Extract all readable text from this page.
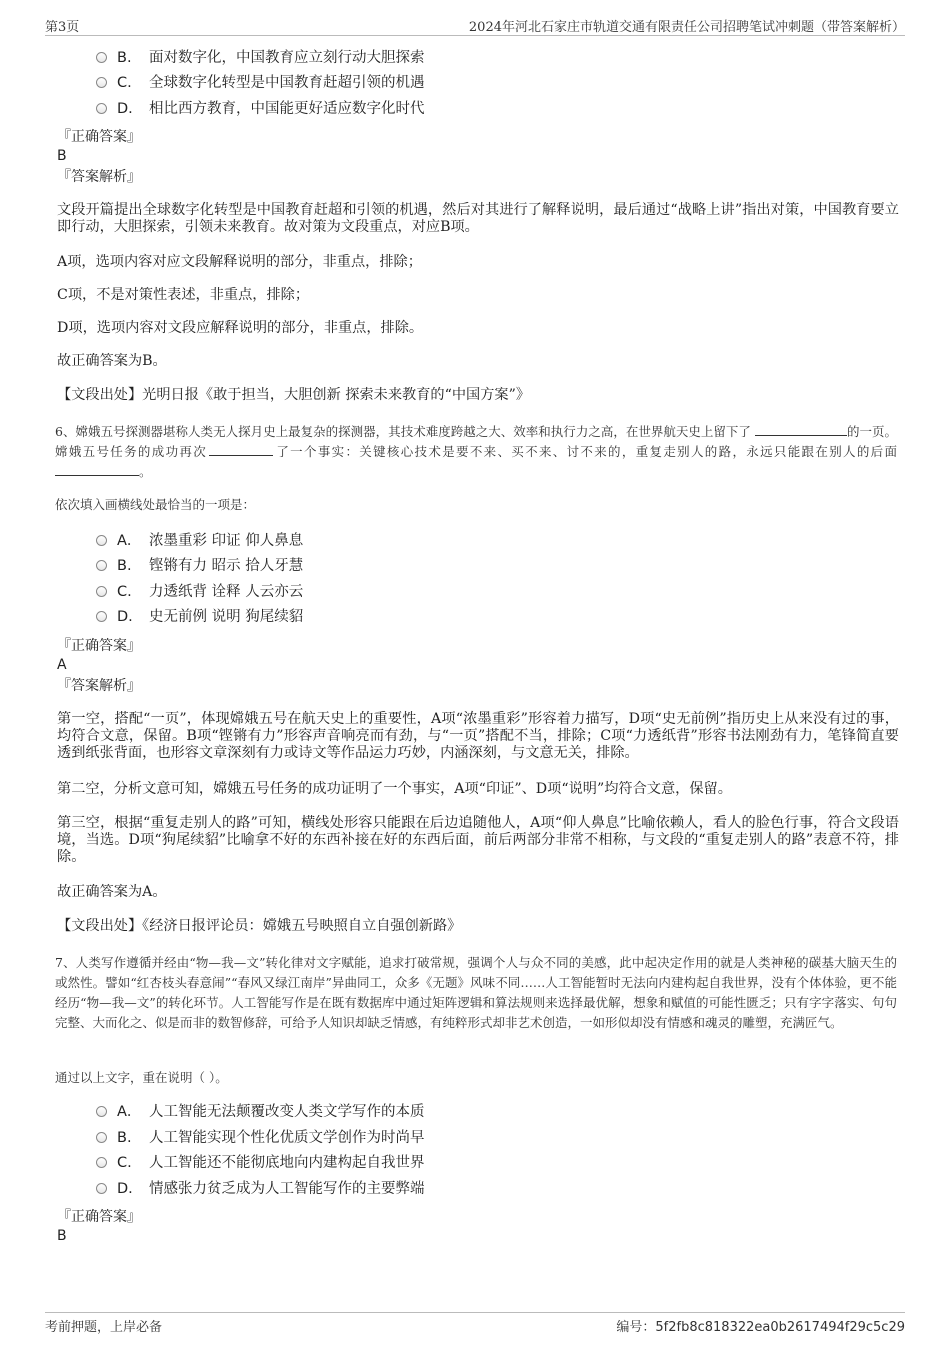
第3页	2024年河北石家庄市轨道交通有限责任公司招聘笔试冲刺题（带答案解析）
B. 面对数字化，中国教育应立刻行动大胆探索
C. 全球数字化转型是中国教育赶超引领的机遇
D. 相比西方教育，中国能更好适应数字化时代
『正确答案』
B
『答案解析』
文段开篇提出全球数字化转型是中国教育赶超和引领的机遇，然后对其进行了解释说明，最后通过“战略上讲”指出对策，中国教育要立即行动，大胆探索，引领未来教育。故对策为文段重点，对应B项。
A项，选项内容对应文段解释说明的部分，非重点，排除；
C项，不是对策性表述，非重点，排除；
D项，选项内容对文段应解释说明的部分，非重点，排除。
故正确答案为B。
【文段出处】光明日报《敢于担当，大胆创新 探索未来教育的“中国方案”》
6、嫦娥五号探测器堪称人类无人探月史上最复杂的探测器，其技术难度跨越之大、效率和执行力之高，在世界航天史上留下了	的一页。嫦娥五号任务的成功再次	了一个事实：关键核心技术是要不来、买不来、讨不来的，重复走别人的路，永远只能跟在别人的后面。
依次填入画横线处最恰当的一项是：
A． 浓墨重彩 印证 仰人鼻息
B. 铿锵有力 昭示 拾人牙慧
C. 力透纸背 诠释 人云亦云
D. 史无前例 说明 狗尾续貂
『正确答案』
A
『答案解析』
第一空，搭配“一页”，体现嫦娥五号在航天史上的重要性，A项“浓墨重彩”形容着力描写，D项“史无前例”指历史上从来没有过的事，均符合文意，保留。B项“铿锵有力”形容声音响亮而有劲，与“一页”搭配不当，排除；C项“力透纸背”形容书法刚劲有力，笔锋简直要透到纸张背面，也形容文章深刻有力或诗文等作品运力巧妙，内涵深刻，与文意无关，排除。
第二空，分析文意可知，嫦娥五号任务的成功证明了一个事实，A项“印证”、D项“说明”均符合文意，保留。
第三空，根据“重复走别人的路”可知，横线处形容只能跟在后边追随他人，A项“仰人鼻息”比喻依赖人，看人的脸色行事，符合文段语境，当选。D项“狗尾续貂”比喻拿不好的东西补接在好的东西后面，前后两部分非常不相称，与文段的“重复走别人的路”表意不符，排除。
故正确答案为A。
【文段出处】《经济日报评论员：嫦娥五号映照自立自强创新路》
7、人类写作遵循并经由“物—我—文”转化律对文字赋能，追求打破常规，强调个人与众不同的美感，此中起决定作用的就是人类神秘的碳基大脑天生的或然性。譬如“红杏枝头春意闹”“春风又绿江南岸”异曲同工，众多《无题》风味不同……人工智能暂时无法向内建构起自我世界，没有个体体验，更不能经历“物—我—文”的转化环节。人工智能写作是在既有数据库中通过矩阵逻辑和算法规则来选择最优解，想象和赋值的可能性匮乏；只有字字落实、句句完整、大而化之、似是而非的数智修辞，可给予人知识却缺乏情感，有纯粹形式却非艺术创造，一如形似却没有情感和魂灵的雕塑，充满匠气。
通过以上文字，重在说明（ ）。
A． 人工智能无法颠覆改变人类文学写作的本质
B. 人工智能实现个性化优质文学创作为时尚早
C. 人工智能还不能彻底地向内建构起自我世界
D. 情感张力贫乏成为人工智能写作的主要弊端
『正确答案』
B
考前押题，上岸必备	编号：5f2fb8c818322ea0b2617494f29c5c29
